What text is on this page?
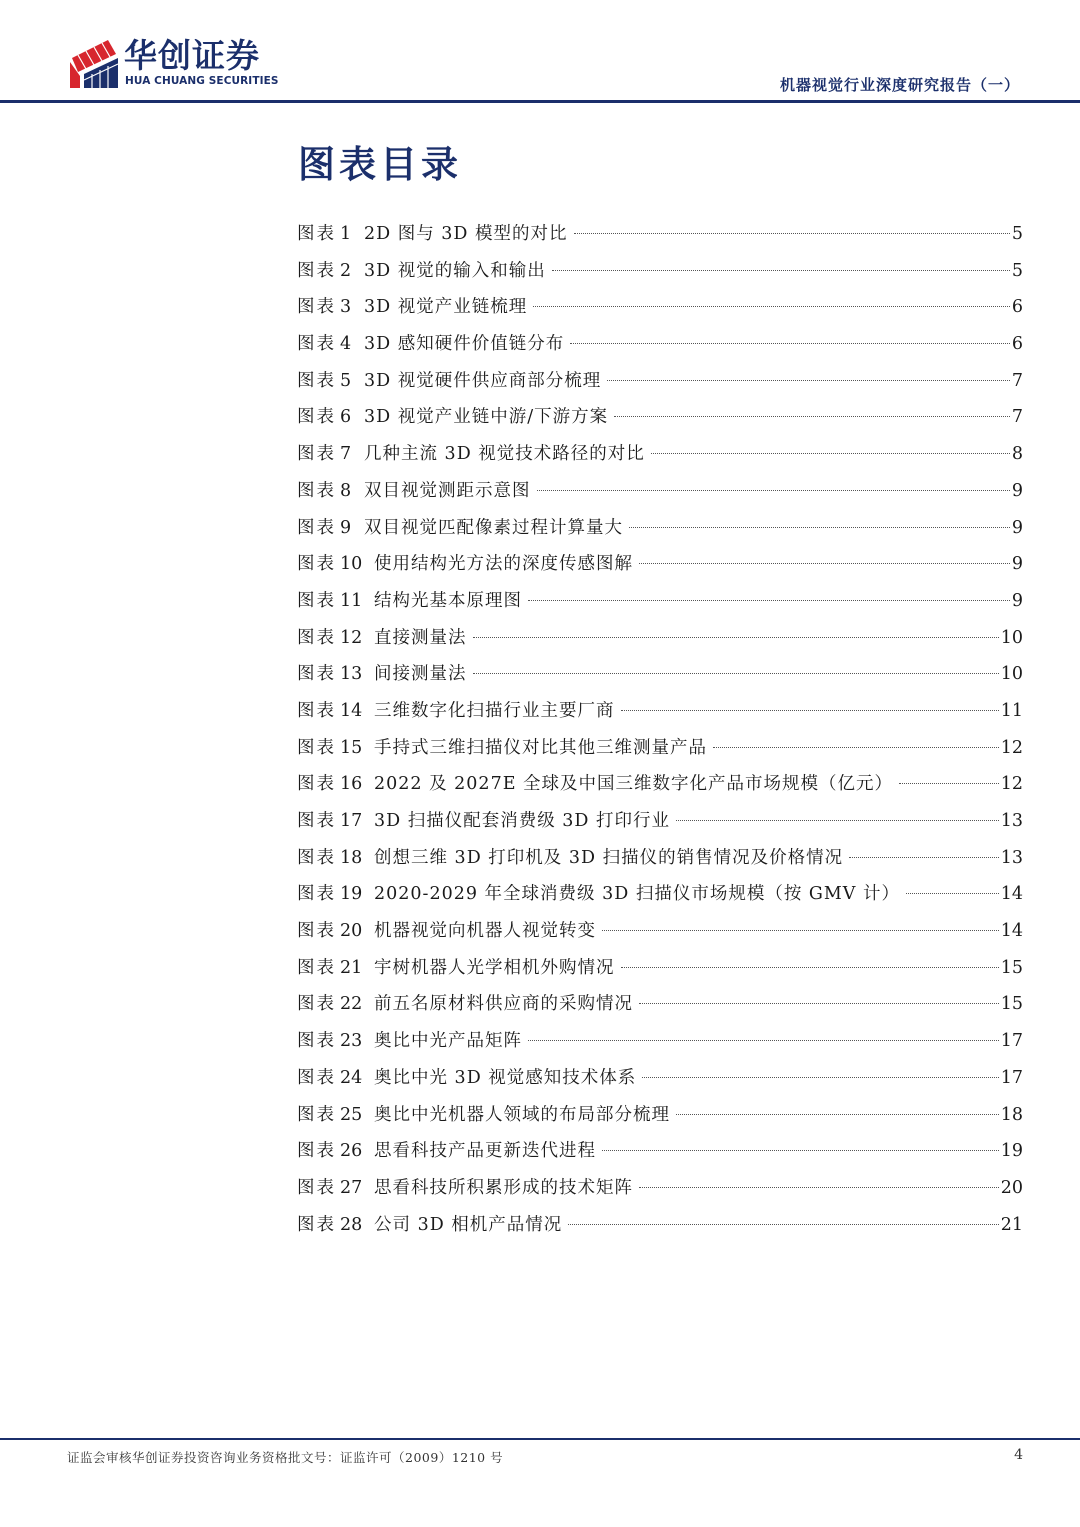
华创证券
HUA CHUANG SECURITIES	机器视觉行业深度研究报告（一）
图表目录
图表 1 2D 图与 3D 模型的对比	5
图表 2 3D 视觉的输入和输出	5
图表 3 3D 视觉产业链梳理	6
图表 4 3D 感知硬件价值链分布	6
图表 5 3D 视觉硬件供应商部分梳理	7
图表 6 3D 视觉产业链中游/下游方案	7
图表 7 几种主流 3D 视觉技术路径的对比	8
图表 8 双目视觉测距示意图	9
图表 9 双目视觉匹配像素过程计算量大	9
图表 10 使用结构光方法的深度传感图解	9
图表 11 结构光基本原理图	9
图表 12 直接测量法	10
图表 13 间接测量法	10
图表 14 三维数字化扫描行业主要厂商	11
图表 15 手持式三维扫描仪对比其他三维测量产品	12
图表 16 2022 及 2027E 全球及中国三维数字化产品市场规模（亿元）	12
图表 17 3D 扫描仪配套消费级 3D 打印行业	13
图表 18 创想三维 3D 打印机及 3D 扫描仪的销售情况及价格情况	13
图表 19 2020-2029 年全球消费级 3D 扫描仪市场规模（按 GMV 计）	14
图表 20 机器视觉向机器人视觉转变	14
图表 21 宇树机器人光学相机外购情况	15
图表 22 前五名原材料供应商的采购情况	15
图表 23 奥比中光产品矩阵	17
图表 24 奥比中光 3D 视觉感知技术体系	17
图表 25 奥比中光机器人领域的布局部分梳理	18
图表 26 思看科技产品更新迭代进程	19
图表 27 思看科技所积累形成的技术矩阵	20
图表 28 公司 3D 相机产品情况	21
证监会审核华创证券投资咨询业务资格批文号：证监许可（2009）1210 号	4
